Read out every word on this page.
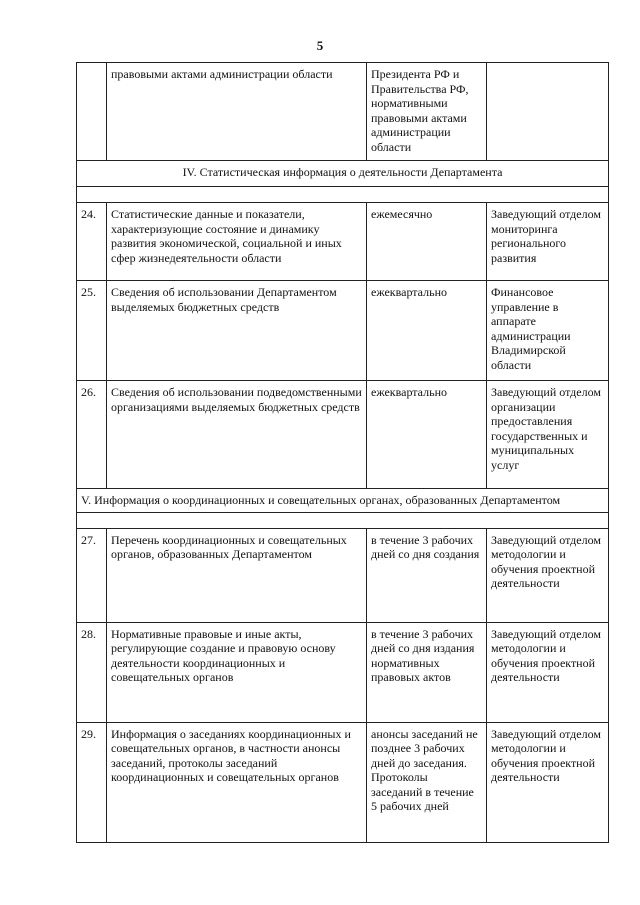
5
	правовыми актами администрации области	Президента РФ и Правительства РФ, нормативными правовыми актами администрации области	
IV. Статистическая информация о деятельности Департамента			

24.	Статистические данные и показатели, характеризующие состояние и динамику развития экономической, социальной и иных сфер жизнедеятельности области	ежемесячно	Заведующий отделом мониторинга регионального развития
25.	Сведения об использовании Департаментом выделяемых бюджетных средств	ежеквартально	Финансовое управление в аппарате администрации Владимирской области
26.	Сведения об использовании подведомственными организациями выделяемых бюджетных средств	ежеквартально	Заведующий отделом организации предоставления государственных и муниципальных услуг
V. Информация о координационных и совещательных органах, образованных Департаментом			

27.	Перечень координационных и совещательных органов, образованных Департаментом	в течение 3 рабочих дней со дня создания	Заведующий отделом методологии и обучения проектной деятельности
28.	Нормативные правовые и иные акты, регулирующие создание и правовую основу деятельности координационных и совещательных органов	в течение 3 рабочих дней со дня издания нормативных правовых актов	Заведующий отделом методологии и обучения проектной деятельности
29.	Информация о заседаниях координационных и совещательных органов, в частности анонсы заседаний, протоколы заседаний координационных и совещательных органов	анонсы заседаний не позднее 3 рабочих дней до заседания. Протоколы заседаний в течение 5 рабочих дней	Заведующий отделом методологии и обучения проектной деятельности
